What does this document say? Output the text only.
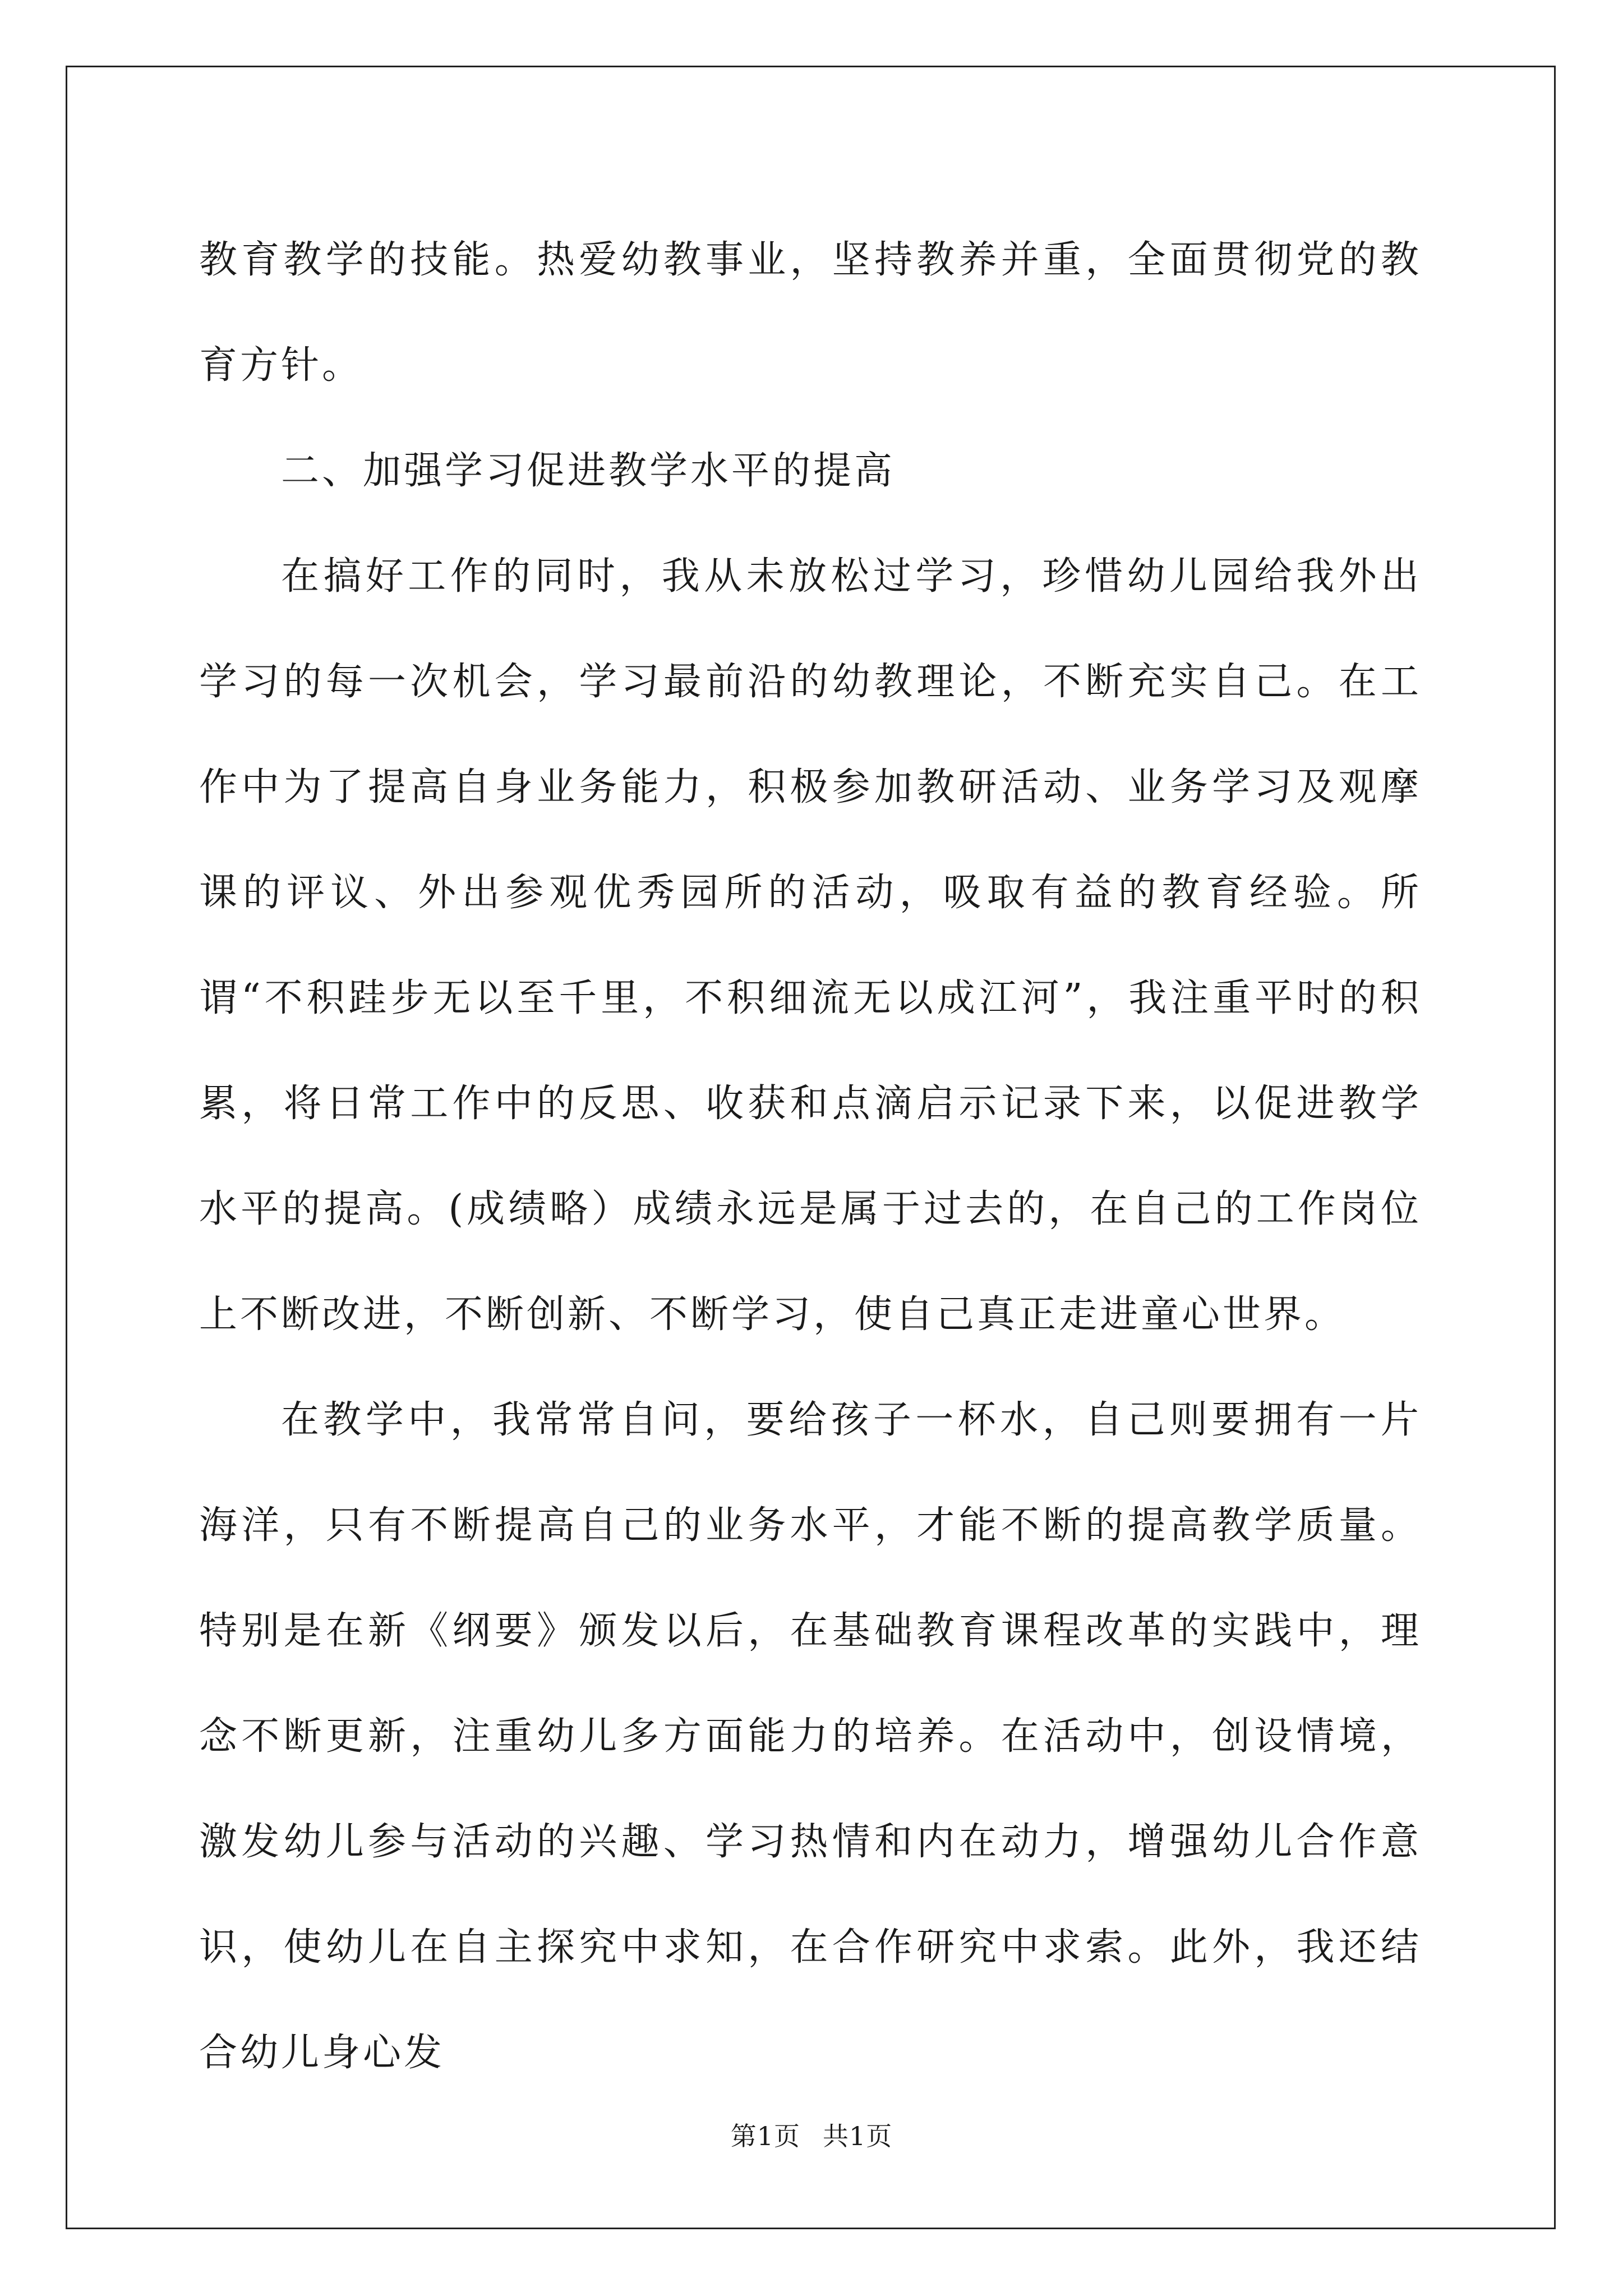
教育教学的技能。热爱幼教事业，坚持教养并重，全面贯彻党的教育方针。

二、加强学习促进教学水平的提高

在搞好工作的同时，我从未放松过学习，珍惜幼儿园给我外出学习的每一次机会，学习最前沿的幼教理论，不断充实自己。在工作中为了提高自身业务能力，积极参加教研活动、业务学习及观摩课的评议、外出参观优秀园所的活动，吸取有益的教育经验。所谓“不积跬步无以至千里，不积细流无以成江河”，我注重平时的积累，将日常工作中的反思、收获和点滴启示记录下来，以促进教学水平的提高。(成绩略）成绩永远是属于过去的，在自己的工作岗位上不断改进，不断创新、不断学习，使自己真正走进童心世界。

在教学中，我常常自问，要给孩子一杯水，自己则要拥有一片海洋，只有不断提高自己的业务水平，才能不断的提高教学质量。特别是在新《纲要》颁发以后，在基础教育课程改革的实践中，理念不断更新，注重幼儿多方面能力的培养。在活动中，创设情境，激发幼儿参与活动的兴趣、学习热情和内在动力，增强幼儿合作意识，使幼儿在自主探究中求知，在合作研究中求索。此外，我还结合幼儿身心发

第1页 共1页
